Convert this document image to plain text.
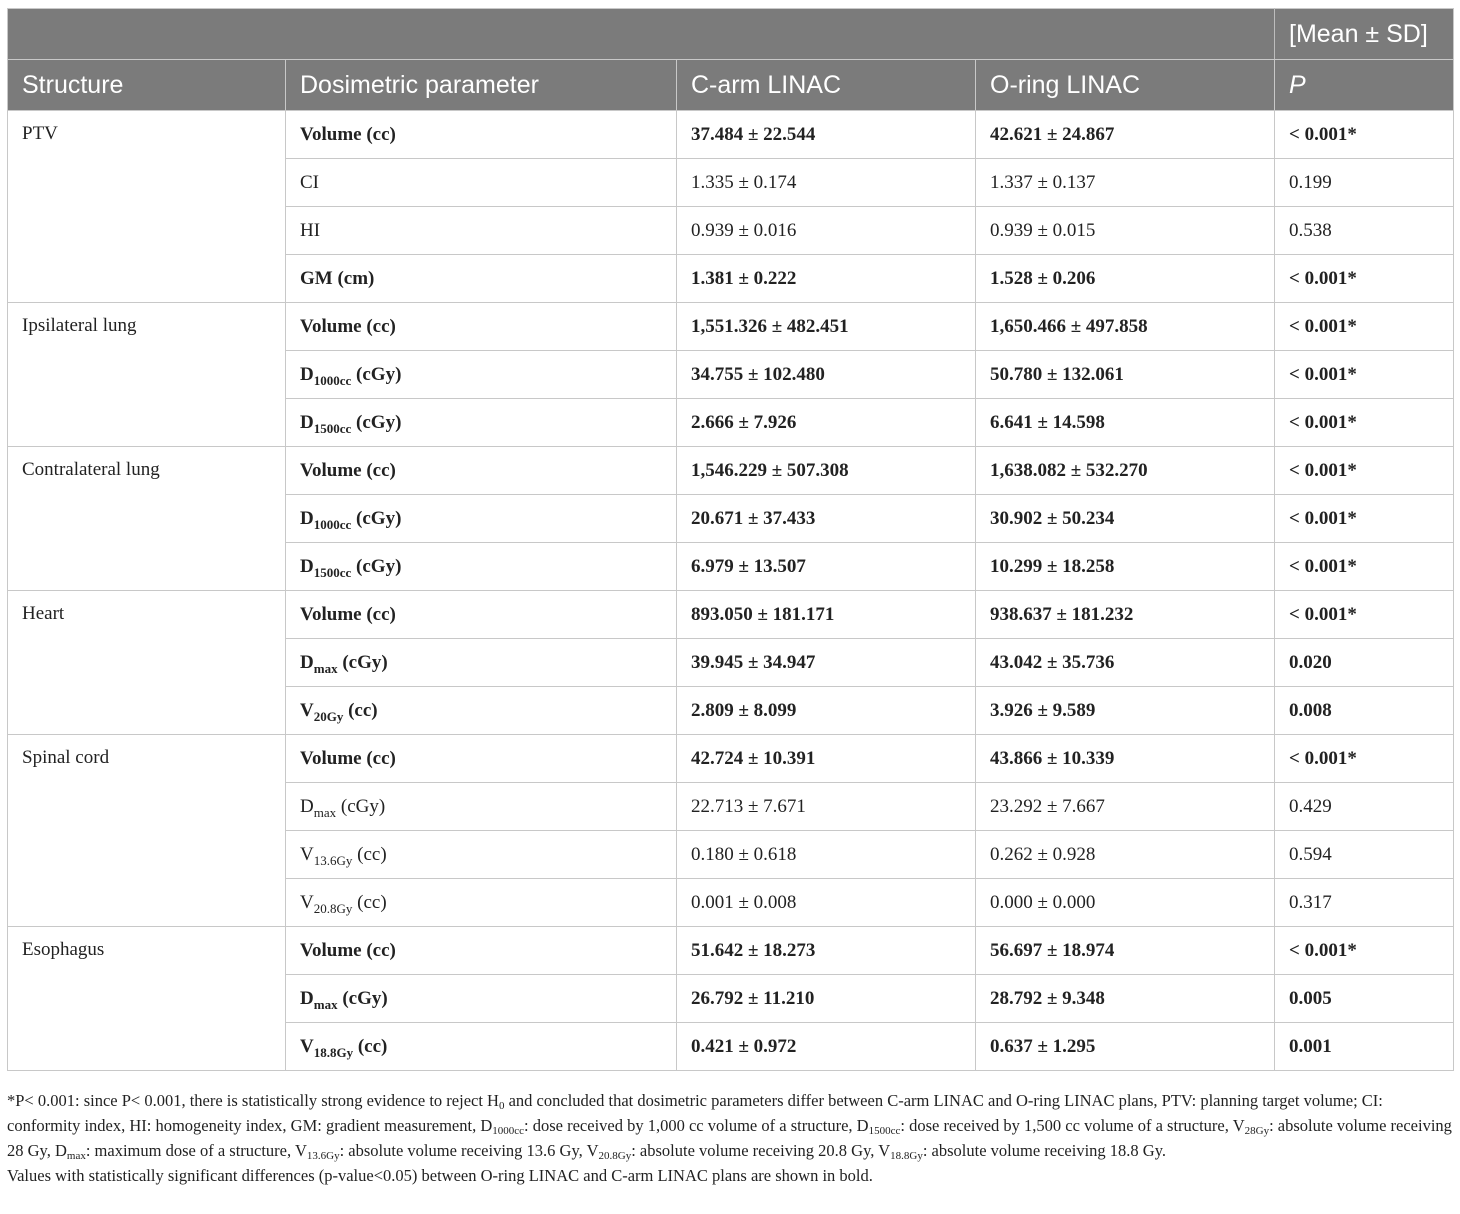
				[Mean ± SD]
Structure	Dosimetric parameter	C-arm LINAC	O-ring LINAC	P
PTV	Volume (cc)	37.484 ± 22.544	42.621 ± 24.867	< 0.001*
	CI	1.335 ± 0.174	1.337 ± 0.137	0.199
	HI	0.939 ± 0.016	0.939 ± 0.015	0.538
	GM (cm)	1.381 ± 0.222	1.528 ± 0.206	< 0.001*
Ipsilateral lung	Volume (cc)	1,551.326 ± 482.451	1,650.466 ± 497.858	< 0.001*
	$D_{1000cc}$ (cGy)	34.755 ± 102.480	50.780 ± 132.061	< 0.001*
	$D_{1500cc}$ (cGy)	2.666 ± 7.926	6.641 ± 14.598	< 0.001*
Contralateral lung	Volume (cc)	1,546.229 ± 507.308	1,638.082 ± 532.270	< 0.001*
	$D_{1000cc}$ (cGy)	20.671 ± 37.433	30.902 ± 50.234	< 0.001*
	$D_{1500cc}$ (cGy)	6.979 ± 13.507	10.299 ± 18.258	< 0.001*
Heart	Volume (cc)	893.050 ± 181.171	938.637 ± 181.232	< 0.001*
	$D_{max}$ (cGy)	39.945 ± 34.947	43.042 ± 35.736	0.020
	$V_{20Gy}$ (cc)	2.809 ± 8.099	3.926 ± 9.589	0.008
Spinal cord	Volume (cc)	42.724 ± 10.391	43.866 ± 10.339	< 0.001*
	$D_{max}$ (cGy)	22.713 ± 7.671	23.292 ± 7.667	0.429
	$V_{13.6Gy}$ (cc)	0.180 ± 0.618	0.262 ± 0.928	0.594
	$V_{20.8Gy}$ (cc)	0.001 ± 0.008	0.000 ± 0.000	0.317
Esophagus	Volume (cc)	51.642 ± 18.273	56.697 ± 18.974	< 0.001*
	$D_{max}$ (cGy)	26.792 ± 11.210	28.792 ± 9.348	0.005
	$V_{18.8Gy}$ (cc)	0.421 ± 0.972	0.637 ± 1.295	0.001

*P< 0.001: since P< 0.001, there is statistically strong evidence to reject $H_0$ and concluded that dosimetric parameters differ between C-arm LINAC and O-ring LINAC plans, PTV: planning target volume; CI: conformity index, HI: homogeneity index, GM: gradient measurement, $D_{1000cc}$: dose received by 1,000 cc volume of a structure, $D_{1500cc}$: dose received by 1,500 cc volume of a structure, $V_{28Gy}$: absolute volume receiving 28 Gy, $D_{max}$: maximum dose of a structure, $V_{13.6Gy}$: absolute volume receiving 13.6 Gy, $V_{20.8Gy}$: absolute volume receiving 20.8 Gy, $V_{18.8Gy}$: absolute volume receiving 18.8 Gy.

Values with statistically significant differences (p-value<0.05) between O-ring LINAC and C-arm LINAC plans are shown in bold.
